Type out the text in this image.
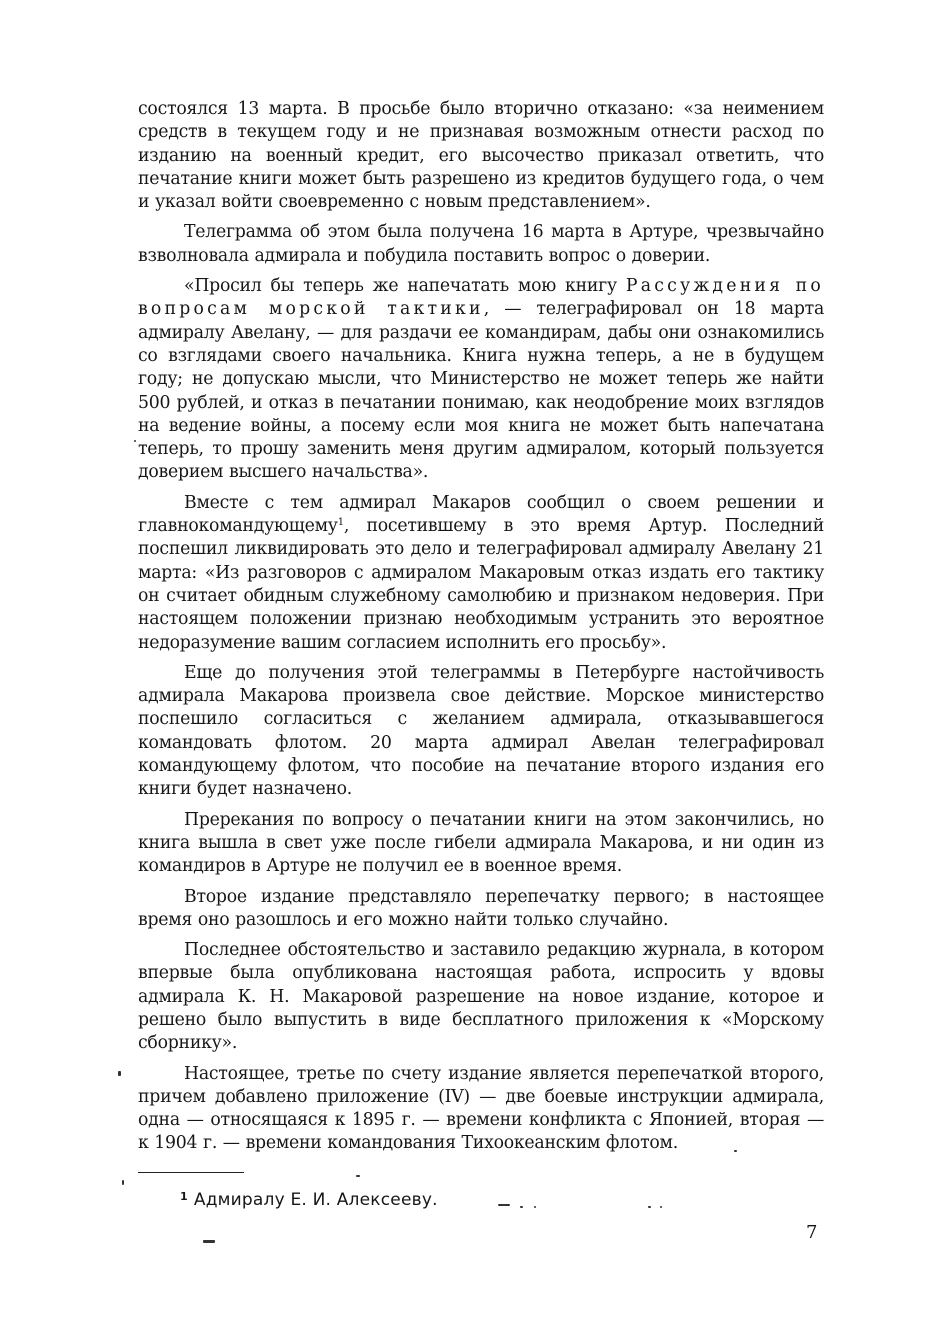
состоялся 13 марта. В просьбе было вторично отказано: «за неимением средств в текущем году и не признавая возможным отнести расход по изданию на военный кредит, его высочество приказал ответить, что печатание книги может быть разрешено из кредитов будущего года, о чем и указал войти своевременно с новым представлением».

Телеграмма об этом была получена 16 марта в Артуре, чрезвычайно взволновала адмирала и побудила поставить вопрос о доверии.

«Просил бы теперь же напечатать мою книгу Рассуждения по вопросам морской тактики, — телеграфировал он 18 марта адмиралу Авелану, — для раздачи ее командирам, дабы они ознакомились со взглядами своего начальника. Книга нужна теперь, а не в будущем году; не допускаю мысли, что Министерство не может теперь же найти 500 рублей, и отказ в печатании понимаю, как неодобрение моих взглядов на ведение войны, а посему если моя книга не может быть напечатана теперь, то прошу заменить меня другим адмиралом, который пользуется доверием высшего начальства».

Вместе с тем адмирал Макаров сообщил о своем решении и главнокомандующему$^1$, посетившему в это время Артур. Последний поспешил ликвидировать это дело и телеграфировал адмиралу Авелану 21 марта: «Из разговоров с адмиралом Макаровым отказ издать его тактику он считает обидным служебному самолюбию и признаком недоверия. При настоящем положении признаю необходимым устранить это вероятное недоразумение вашим согласием исполнить его просьбу».

Еще до получения этой телеграммы в Петербурге настойчивость адмирала Макарова произвела свое действие. Морское министерство поспешило согласиться с желанием адмирала, отказывавшегося командовать флотом. 20 марта адмирал Авелан телеграфировал командующему флотом, что пособие на печатание второго издания его книги будет назначено.

Пререкания по вопросу о печатании книги на этом закончились, но книга вышла в свет уже после гибели адмирала Макарова, и ни один из командиров в Артуре не получил ее в военное время.

Второе издание представляло перепечатку первого; в настоящее время оно разошлось и его можно найти только случайно.

Последнее обстоятельство и заставило редакцию журнала, в котором впервые была опубликована настоящая работа, испросить у вдовы адмирала К. Н. Макаровой разрешение на новое издание, которое и решено было выпустить в виде бесплатного приложения к «Морскому сборнику».

Настоящее, третье по счету издание является перепечаткой второго, причем добавлено приложение (IV) — две боевые инструкции адмирала, одна — относящаяся к 1895 г. — времени конфликта с Японией, вторая — к 1904 г. — времени командования Тихоокеанским флотом.

$^1$ Адмиралу Е. И. Алексееву.
7
